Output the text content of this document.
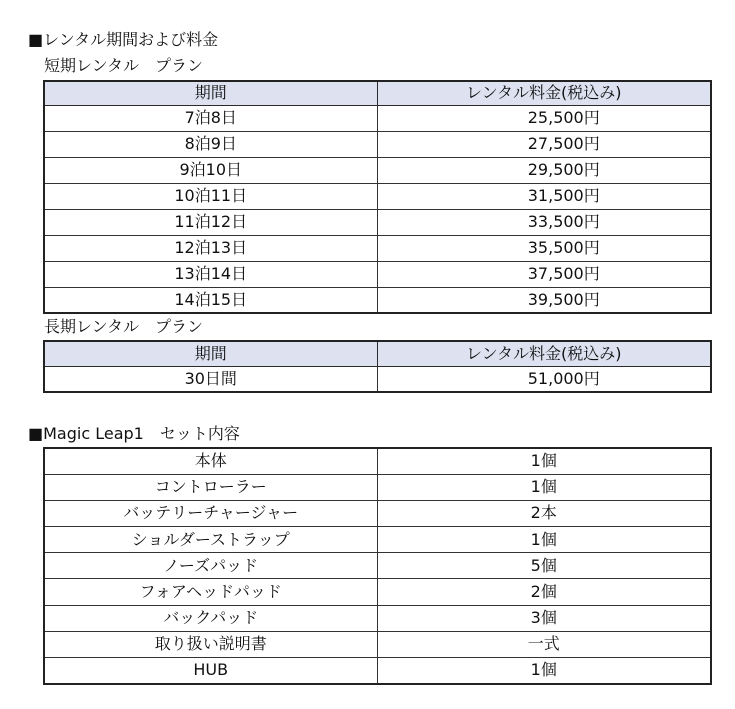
■レンタル期間および料金
短期レンタル　プラン
期間	レンタル料金(税込み)
7泊8日	25,500円
8泊9日	27,500円
9泊10日	29,500円
10泊11日	31,500円
11泊12日	33,500円
12泊13日	35,500円
13泊14日	37,500円
14泊15日	39,500円
長期レンタル　プラン
期間	レンタル料金(税込み)
30日間	51,000円
■Magic Leap1　セット内容
本体	1個
コントローラー	1個
バッテリーチャージャー	2本
ショルダーストラップ	1個
ノーズパッド	5個
フォアヘッドパッド	2個
バックパッド	3個
取り扱い説明書	一式
HUB	1個
